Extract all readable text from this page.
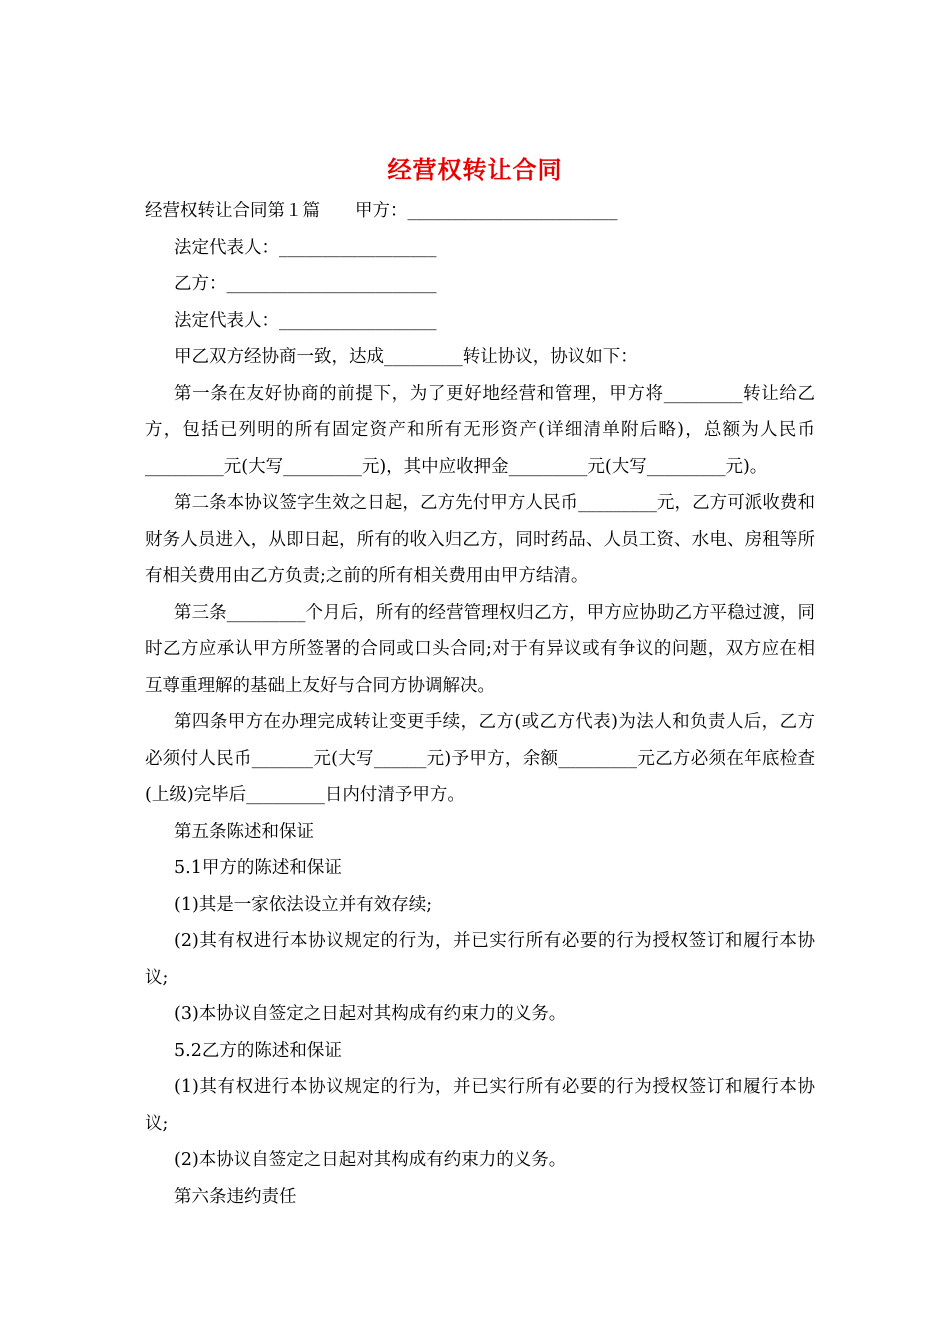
经营权转让合同

经营权转让合同第１篇　　甲方：________________________

法定代表人：__________________

乙方：________________________

法定代表人：__________________

甲乙双方经协商一致，达成_________转让协议，协议如下：

第一条在友好协商的前提下，为了更好地经营和管理，甲方将_________转让给乙方，包括已列明的所有固定资产和所有无形资产(详细清单附后略)，总额为人民币_________元(大写_________元)，其中应收押金_________元(大写_________元)。

第二条本协议签字生效之日起，乙方先付甲方人民币_________元，乙方可派收费和财务人员进入，从即日起，所有的收入归乙方，同时药品、人员工资、水电、房租等所有相关费用由乙方负责;之前的所有相关费用由甲方结清。

第三条_________个月后，所有的经营管理权归乙方，甲方应协助乙方平稳过渡，同时乙方应承认甲方所签署的合同或口头合同;对于有异议或有争议的问题，双方应在相互尊重理解的基础上友好与合同方协调解决。

第四条甲方在办理完成转让变更手续，乙方(或乙方代表)为法人和负责人后，乙方必须付人民币_______元(大写______元)予甲方，余额_________元乙方必须在年底检查(上级)完毕后_________日内付清予甲方。

第五条陈述和保证

5.1甲方的陈述和保证

(1)其是一家依法设立并有效存续;

(2)其有权进行本协议规定的行为，并已实行所有必要的行为授权签订和履行本协议;

(3)本协议自签定之日起对其构成有约束力的义务。

5.2乙方的陈述和保证

(1)其有权进行本协议规定的行为，并已实行所有必要的行为授权签订和履行本协议;

(2)本协议自签定之日起对其构成有约束力的义务。

第六条违约责任
